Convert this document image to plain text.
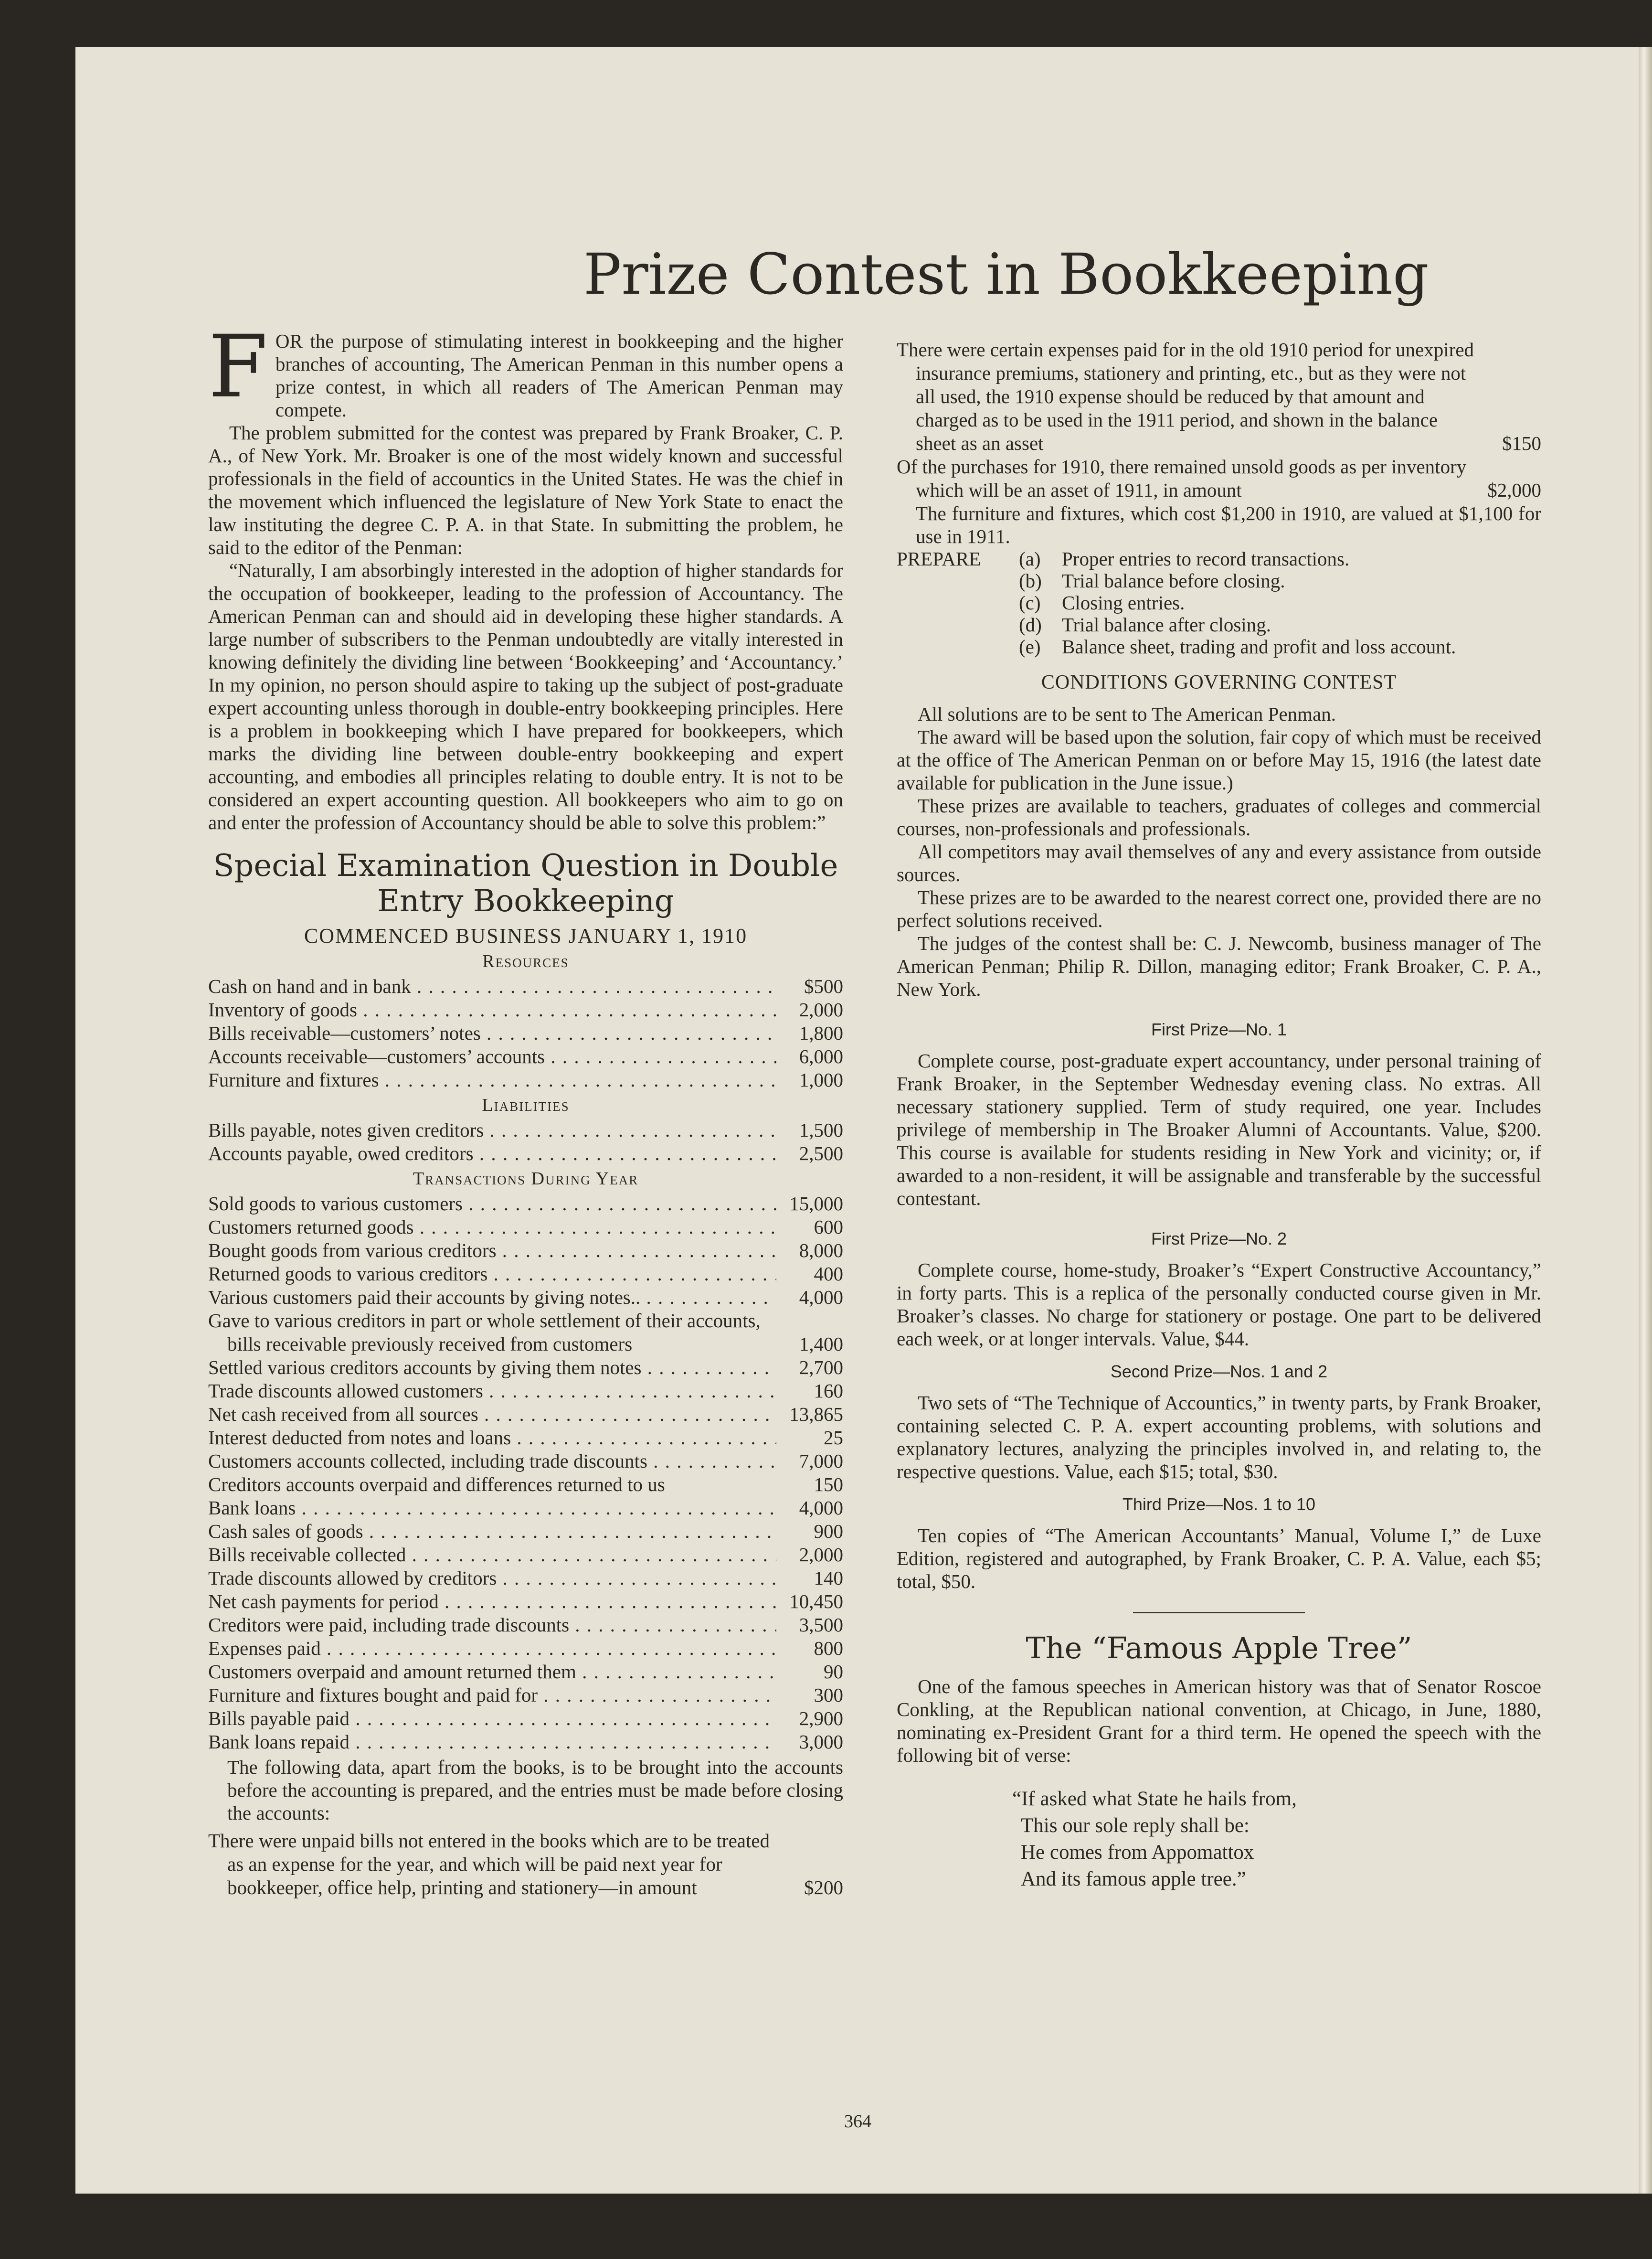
Prize Contest in Bookkeeping

FOR the purpose of stimulating interest in bookkeeping and the higher branches of accounting, The American Penman in this number opens a prize contest, in which all readers of The American Penman may compete.

The problem submitted for the contest was prepared by Frank Broaker, C. P. A., of New York. Mr. Broaker is one of the most widely known and successful professionals in the field of accountics in the United States. He was the chief in the movement which influenced the legislature of New York State to enact the law instituting the degree C. P. A. in that State. In submitting the problem, he said to the editor of the Penman:

“Naturally, I am absorbingly interested in the adoption of higher standards for the occupation of bookkeeper, leading to the profession of Accountancy. The American Penman can and should aid in developing these higher standards. A large number of subscribers to the Penman undoubtedly are vitally interested in knowing definitely the dividing line between ‘Bookkeeping’ and ‘Accountancy.’ In my opinion, no person should aspire to taking up the subject of post-graduate expert accounting unless thorough in double-entry bookkeeping principles. Here is a problem in bookkeeping which I have prepared for bookkeepers, which marks the dividing line between double-entry bookkeeping and expert accounting, and embodies all principles relating to double entry. It is not to be considered an expert accounting question. All bookkeepers who aim to go on and enter the profession of Accountancy should be able to solve this problem:”

Special Examination Question in Double Entry Bookkeeping
COMMENCED BUSINESS JANUARY 1, 1910
Resources
Cash on hand and in bank . . .	$500
Inventory of goods . . .	2,000
Bills receivable—customers’ notes . . .	1,800
Accounts receivable—customers’ accounts . . .	6,000
Furniture and fixtures . . .	1,000
Liabilities
Bills payable, notes given creditors . . .	1,500
Accounts payable, owed creditors . . .	2,500
Transactions During Year
Sold goods to various customers . . .	15,000
Customers returned goods . . .	600
Bought goods from various creditors . . .	8,000
Returned goods to various creditors . . .	400
Various customers paid their accounts by giving notes.. . . .	4,000
Gave to various creditors in part or whole settlement of their accounts, bills receivable previously received from customers	1,400
Settled various creditors accounts by giving them notes . . .	2,700
Trade discounts allowed customers . . .	160
Net cash received from all sources . . .	13,865
Interest deducted from notes and loans . . .	25
Customers accounts collected, including trade discounts . . .	7,000
Creditors accounts overpaid and differences returned to us	150
Bank loans . . .	4,000
Cash sales of goods . . .	900
Bills receivable collected . . .	2,000
Trade discounts allowed by creditors . . .	140
Net cash payments for period . . .	10,450
Creditors were paid, including trade discounts . . .	3,500
Expenses paid . . .	800
Customers overpaid and amount returned them . . .	90
Furniture and fixtures bought and paid for . . .	300
Bills payable paid . . .	2,900
Bank loans repaid . . .	3,000

The following data, apart from the books, is to be brought into the accounts before the accounting is prepared, and the entries must be made before closing the accounts:

There were unpaid bills not entered in the books which are to be treated as an expense for the year, and which will be paid next year for bookkeeper, office help, printing and stationery—in amount	$200
There were certain expenses paid for in the old 1910 period for unexpired insurance premiums, stationery and printing, etc., but as they were not all used, the 1910 expense should be reduced by that amount and charged as to be used in the 1911 period, and shown in the balance sheet as an asset	$150
Of the purchases for 1910, there remained unsold goods as per inventory which will be an asset of 1911, in amount	$2,000

The furniture and fixtures, which cost $1,200 in 1910, are valued at $1,100 for use in 1911.

PREPARE	(a)	Proper entries to record transactions.
(b)	Trial balance before closing.
(c)	Closing entries.
(d)	Trial balance after closing.
(e)	Balance sheet, trading and profit and loss account.
CONDITIONS GOVERNING CONTEST

All solutions are to be sent to The American Penman.

The award will be based upon the solution, fair copy of which must be received at the office of The American Penman on or before May 15, 1916 (the latest date available for publication in the June issue.)

These prizes are available to teachers, graduates of colleges and commercial courses, non-professionals and professionals.

All competitors may avail themselves of any and every assistance from outside sources.

These prizes are to be awarded to the nearest correct one, provided there are no perfect solutions received.

The judges of the contest shall be: C. J. Newcomb, business manager of The American Penman; Philip R. Dillon, managing editor; Frank Broaker, C. P. A., New York.

First Prize—No. 1

Complete course, post-graduate expert accountancy, under personal training of Frank Broaker, in the September Wednesday evening class. No extras. All necessary stationery supplied. Term of study required, one year. Includes privilege of membership in The Broaker Alumni of Accountants. Value, $200. This course is available for students residing in New York and vicinity; or, if awarded to a non-resident, it will be assignable and transferable by the successful contestant.

First Prize—No. 2

Complete course, home-study, Broaker’s “Expert Constructive Accountancy,” in forty parts. This is a replica of the personally conducted course given in Mr. Broaker’s classes. No charge for stationery or postage. One part to be delivered each week, or at longer intervals. Value, $44.

Second Prize—Nos. 1 and 2

Two sets of “The Technique of Accountics,” in twenty parts, by Frank Broaker, containing selected C. P. A. expert accounting problems, with solutions and explanatory lectures, analyzing the principles involved in, and relating to, the respective questions. Value, each $15; total, $30.

Third Prize—Nos. 1 to 10

Ten copies of “The American Accountants’ Manual, Volume I,” de Luxe Edition, registered and autographed, by Frank Broaker, C. P. A. Value, each $5; total, $50.

The “Famous Apple Tree”

One of the famous speeches in American history was that of Senator Roscoe Conkling, at the Republican national convention, at Chicago, in June, 1880, nominating ex-President Grant for a third term. He opened the speech with the following bit of verse:

“If asked what State he hails from,
This our sole reply shall be:
He comes from Appomattox
And its famous apple tree.”
364
